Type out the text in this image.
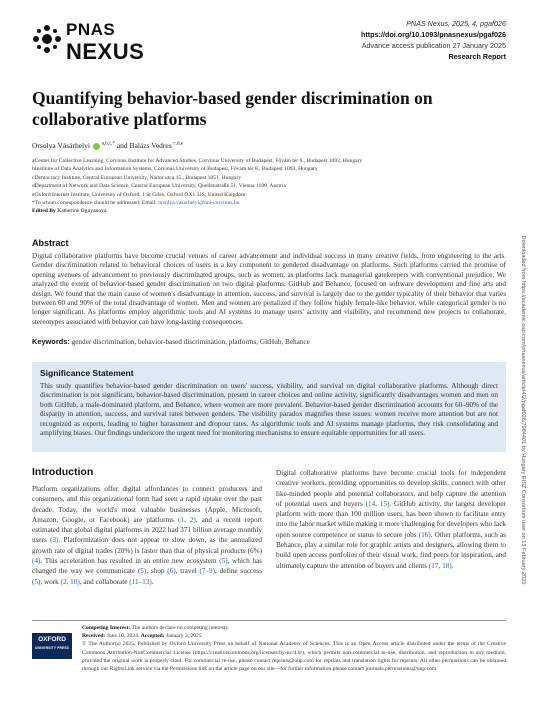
PNAS
NEXUS
PNAS Nexus, 2025, 4, pgaf026
https://doi.org/10.1093/pnasnexus/pgaf026
Advance access publication 27 January 2025
Research Report
Quantifying behavior-based gender discrimination on collaborative platforms
Orsolya Vásárhelyi $^{a,b,c,*}$ and Balázs Vedres $^{c,d,e}$
aCenter for Collective Learning, Corvinus Institute for Advanced Studies, Corvinus University of Budapest, Fővám tér 8., Budapest 1093, Hungary
bInstitute of Data Analytics and Information Systems, Corvinus University of Budapest, Fővám tér 8., Budapest 1093, Hungary
cDemocracy Institute, Central European University, Nádor utca 15., Budapest 1051, Hungary
dDepartment of Network and Data Science, Central European University, Quellenstraße 51, Vienna 1100, Austria
eOxford Internet Institute, University of Oxford, 1 St Giles, Oxford OX1 3JS, United Kingdom
*To whom correspondence should be addressed: Email: orsolya.vasarhelyi@uni-corvinus.hu
Edited By Katherine Ognyanova
Abstract
Digital collaborative platforms have become crucial venues of career advancement and individual success in many creative fields, from engineering to the arts. Gender discrimination related to behavioral choices of users is a key component to gendered disadvantage on platforms. Such platforms carried the promise of opening avenues of advancement to previously discriminated groups, such as women, as platforms lack managerial gatekeepers with conventional prejudice. We analyzed the extent of behavior-based gender discrimination on two digital platforms, GitHub and Behance, focused on software development and fine arts and design. We found that the main cause of women's disadvantage in attention, success, and survival is largely due to the gender typicality of their behavior that varies between 60 and 90% of the total disadvantage of women. Men and women are penalized if they follow highly female-like behavior, while categorical gender is no longer significant. As platforms employ algorithmic tools and AI systems to manage users' activity and visibility, and recommend new projects to collaborate, stereotypes associated with behavior can have long-lasting consequences.
Keywords: gender discrimination, behavior-based discrimination, platforms, GitHub, Behance
Significance Statement
This study quantifies behavior-based gender discrimination on users' success, visibility, and survival on digital collaborative platforms. Although direct discrimination is not significant, behavior-based discrimination, present in career choices and online activity, significantly disadvantages women and men on both GitHub, a male-dominated platform, and Behance, where women are more prevalent. Behavior-based gender discrimination accounts for 60–90% of the disparity in attention, success, and survival rates between genders. The visibility paradox magnifies these issues: women receive more attention but are not recognized as experts, leading to higher harassment and dropout rates. As algorithmic tools and AI systems manage platforms, they risk consolidating and amplifying biases. Our findings underscore the urgent need for monitoring mechanisms to ensure equitable opportunities for all users.
Introduction
Platform organizations offer digital affordances to connect producers and consumers, and this organizational form had seen a rapid uptake over the past decade. Today, the world's most valuable businesses (Apple, Microsoft, Amazon, Google, or Facebook) are platforms (1, 2), and a recent report estimated that global digital platforms in 2022 had 371 billion average monthly users (3). Platformization does not appear to slow down, as the annualized growth rate of digital trades (20%) is faster than that of physical products (6%) (4). This acceleration has resulted in an entire new ecosystem (5), which has changed the way we communicate (5), shop (6), travel (7–9), define success (5), work (2, 10), and collaborate (11–13).
Digital collaborative platforms have become crucial tools for independent creative workers, providing opportunities to develop skills, connect with other like-minded people and potential collaborators, and help capture the attention of potential users and buyers (14, 15). GitHub activity, the largest developer platform with more than 100 million users, has been shown to facilitate entry into the labor market while making it more challenging for developers who lack open source competence or status to secure jobs (16). Other platforms, such as Behance, play a similar role for graphic artists and designers, allowing them to build open access portfolios of their visual work, find peers for inspiration, and ultimately capture the attention of buyers and clients (17, 18).
OXFORD
UNIVERSITY PRESS
Competing Interest: The authors declare no competing interests.
Received: June 10, 2024. Accepted: January 3, 2025
© The Author(s) 2025. Published by Oxford University Press on behalf of National Academy of Sciences. This is an Open Access article distributed under the terms of the Creative Commons Attribution-NonCommercial License (https://creativecommons.org/licenses/by-nc/4.0/), which permits non-commercial re-use, distribution, and reproduction in any medium, provided the original work is properly cited. For commercial re-use, please contact reprints@oup.com for reprints and translation rights for reprints. All other permissions can be obtained through our RightsLink service via the Permissions link on the article page on our site—for further information please contact journals.permissions@oup.com.
Downloaded from https://academic.oup.com/pnasnexus/article/4/2/pgaf026/7984401 by Hungary EISZ Consortium user on 13 February 2025
